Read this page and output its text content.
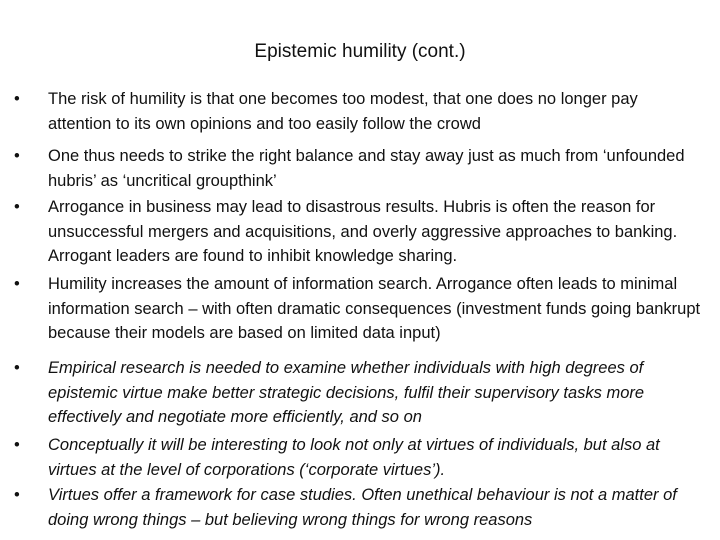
Epistemic humility (cont.)
•	The risk of humility is that one becomes too modest, that one does no longer pay attention to its own opinions and too easily follow the crowd
•	One thus needs to strike the right balance and stay away just as much from ‘unfounded hubris’ as ‘uncritical groupthink’
•	Arrogance in business may lead to disastrous results. Hubris is often the reason for unsuccessful mergers and acquisitions, and overly aggressive approaches to banking. Arrogant leaders are found to inhibit knowledge sharing.
•	Humility increases the amount of information search. Arrogance often leads to minimal information search – with often dramatic consequences (investment funds going bankrupt because their models are based on limited data input)
•	Empirical research is needed to examine whether individuals with high degrees of epistemic virtue make better strategic decisions, fulfil their supervisory tasks more effectively and negotiate more efficiently, and so on
•	Conceptually it will be interesting to look not only at virtues of individuals, but also at virtues at the level of corporations (‘corporate virtues’).
•	Virtues offer a framework for case studies. Often unethical behaviour is not a matter of doing wrong things – but believing wrong things for wrong reasons
